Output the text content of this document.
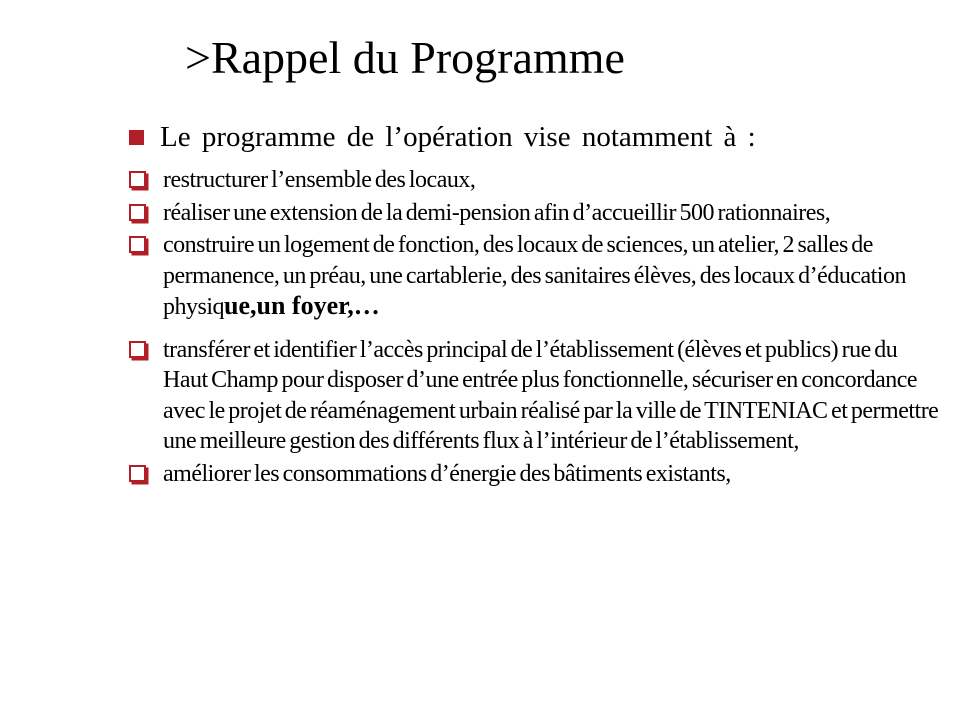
>Rappel du Programme
Le programme de l’opération vise notamment à :
restructurer l’ensemble des locaux,
réaliser une extension de la demi-pension afin d’accueillir 500 rationnaires,
construire un logement de fonction, des locaux de sciences, un atelier, 2 salles de permanence, un préau, une cartablerie, des sanitaires élèves, des locaux d’éducation physique,un foyer,…
transférer et identifier l’accès principal de l’établissement (élèves et publics) rue du Haut Champ pour disposer d’une entrée plus fonctionnelle, sécuriser en concordance avec le projet de réaménagement urbain réalisé par la ville de TINTENIAC et permettre une meilleure gestion des différents flux à l’intérieur de l’établissement,
améliorer les consommations d’énergie des bâtiments existants,
